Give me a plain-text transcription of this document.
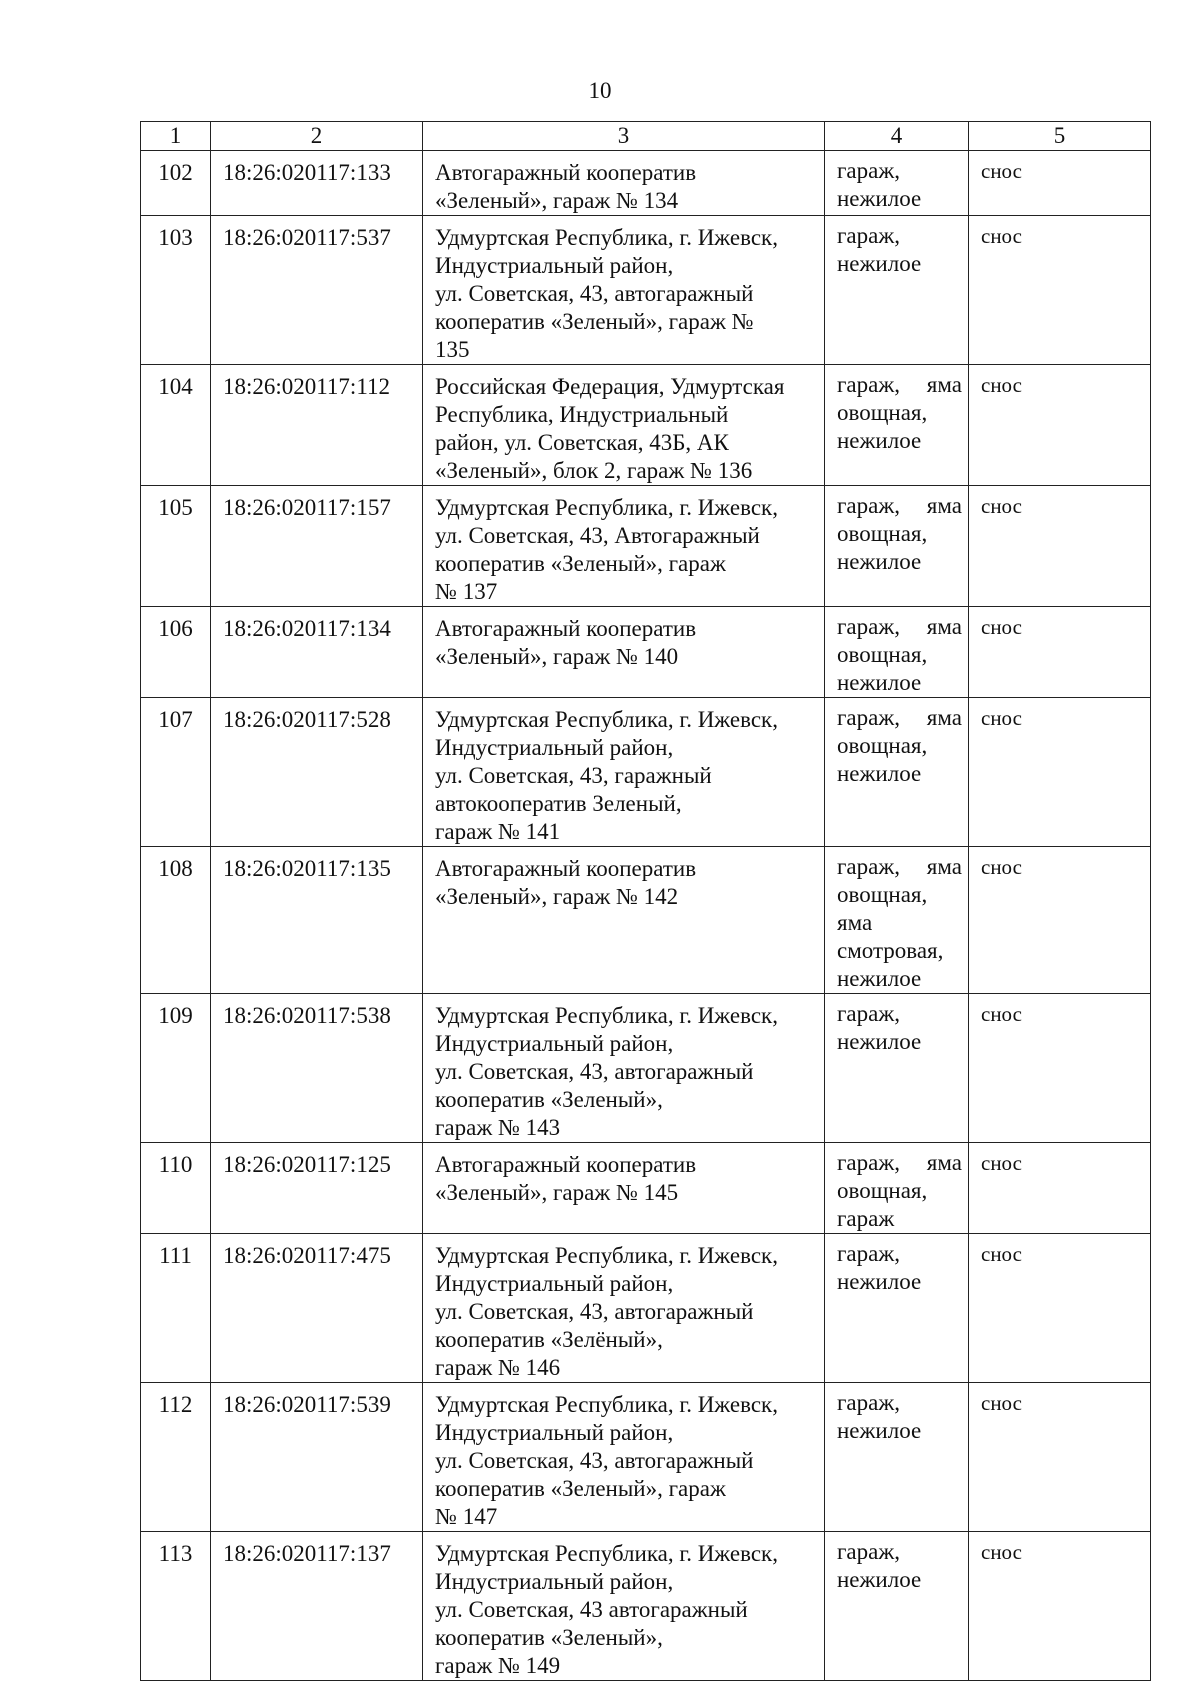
10
1	2	3	4	5
102	18:26:020117:133	Автогаражный кооператив
«Зеленый», гараж № 134	гараж,
нежилое	снос
103	18:26:020117:537	Удмуртская Республика, г. Ижевск,
Индустриальный район,
ул. Советская, 43, автогаражный
кооператив «Зеленый», гараж №
135	гараж,
нежилое	снос
104	18:26:020117:112	Российская Федерация, Удмуртская
Республика, Индустриальный
район, ул. Советская, 43Б, АК
«Зеленый», блок 2, гараж № 136	гараж, яма
овощная,
нежилое	снос
105	18:26:020117:157	Удмуртская Республика, г. Ижевск,
ул. Советская, 43, Автогаражный
кооператив «Зеленый», гараж
№ 137	гараж, яма
овощная,
нежилое	снос
106	18:26:020117:134	Автогаражный кооператив
«Зеленый», гараж № 140	гараж, яма
овощная,
нежилое	снос
107	18:26:020117:528	Удмуртская Республика, г. Ижевск,
Индустриальный район,
ул. Советская, 43, гаражный
автокооператив Зеленый,
гараж № 141	гараж, яма
овощная,
нежилое	снос
108	18:26:020117:135	Автогаражный кооператив
«Зеленый», гараж № 142	гараж, яма
овощная,
яма
смотровая,
нежилое	снос
109	18:26:020117:538	Удмуртская Республика, г. Ижевск,
Индустриальный район,
ул. Советская, 43, автогаражный
кооператив «Зеленый»,
гараж № 143	гараж,
нежилое	снос
110	18:26:020117:125	Автогаражный кооператив
«Зеленый», гараж № 145	гараж, яма
овощная,
гараж	снос
111	18:26:020117:475	Удмуртская Республика, г. Ижевск,
Индустриальный район,
ул. Советская, 43, автогаражный
кооператив «Зелёный»,
гараж № 146	гараж,
нежилое	снос
112	18:26:020117:539	Удмуртская Республика, г. Ижевск,
Индустриальный район,
ул. Советская, 43, автогаражный
кооператив «Зеленый», гараж
№ 147	гараж,
нежилое	снос
113	18:26:020117:137	Удмуртская Республика, г. Ижевск,
Индустриальный район,
ул. Советская, 43 автогаражный
кооператив «Зеленый»,
гараж № 149	гараж,
нежилое	снос
